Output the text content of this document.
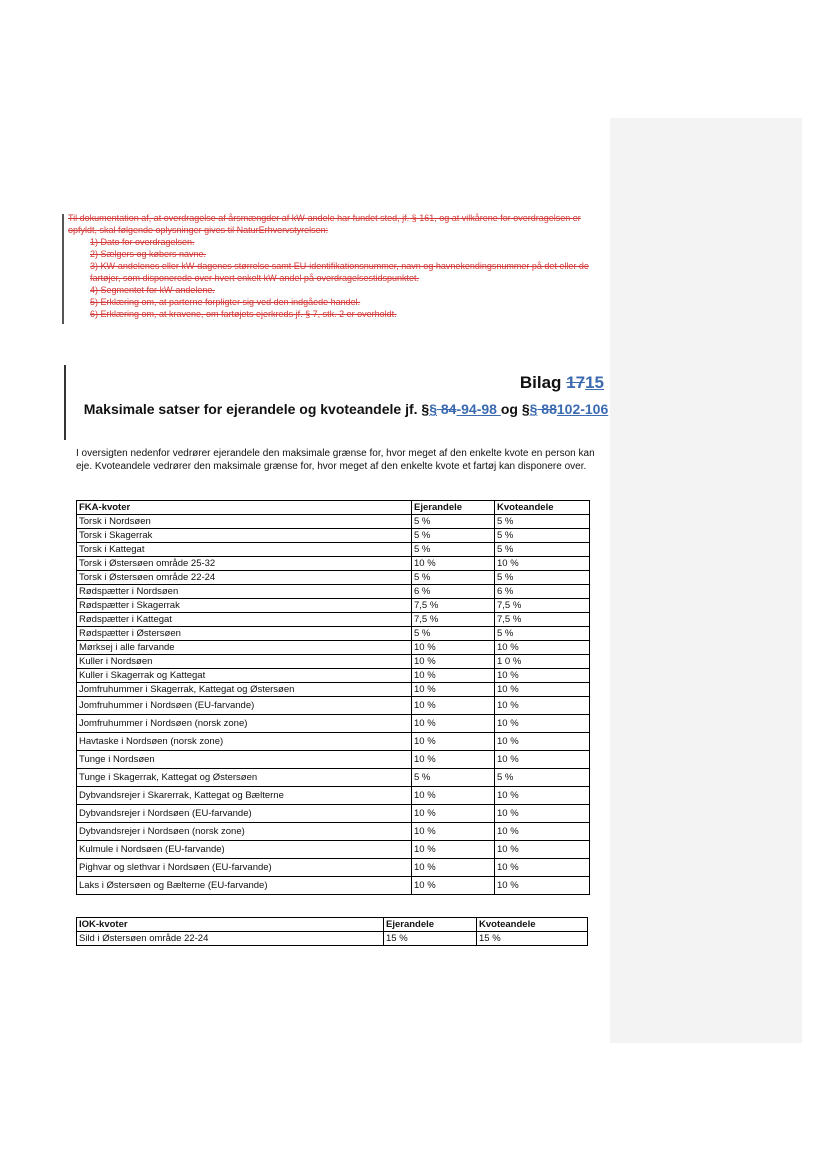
Til dokumentation af, at overdragelse af årsmængder af kW-andele har fundet sted, jf. § 161, og at vilkårene for overdragelsen er opfyldt, skal følgende oplysninger gives til NaturErhvervstyrelsen:

1) Dato for overdragelsen.

2) Sælgers og købers navne.

3) KW-andelenes eller kW-dagenes størrelse samt EU-identifikationsnummer, navn og havnekendingsnummer på det eller de fartøjer, som disponerede over hvert enkelt kW-andel på overdragelsestidspunktet.

4) Segmentet for kW-andelene.

5) Erklæring om, at parterne forpligter sig ved den indgåede handel.

6) Erklæring om, at kravene, om fartøjets ejerkreds jf. § 7, stk. 2 er overholdt.

Bilag 1715
Maksimale satser for ejerandele og kvoteandele jf. §§ 84-94-98 og §§ 88102-106
I oversigten nedenfor vedrører ejerandele den maksimale grænse for, hvor meget af den enkelte kvote en person kan eje. Kvoteandele vedrører den maksimale grænse for, hvor meget af den enkelte kvote et fartøj kan disponere over.
FKA-kvoter	Ejerandele	Kvoteandele
Torsk i Nordsøen	5 %	5 %
Torsk i Skagerrak	5 %	5 %
Torsk i Kattegat	5 %	5 %
Torsk i Østersøen område 25-32	10 %	10 %
Torsk i Østersøen område 22-24	5 %	5 %
Rødspætter i Nordsøen	6 %	6 %
Rødspætter i Skagerrak	7,5 %	7,5 %
Rødspætter i Kattegat	7,5 %	7,5 %
Rødspætter i Østersøen	5 %	5 %
Mørksej i alle farvande	10 %	10 %
Kuller i Nordsøen	10 %	1 0 %
Kuller i Skagerrak og Kattegat	10 %	10 %
Jomfruhummer i Skagerrak, Kattegat og Østersøen	10 %	10 %
Jomfruhummer i Nordsøen (EU-farvande)	10 %	10 %
Jomfruhummer i Nordsøen (norsk zone)	10 %	10 %
Havtaske i Nordsøen (norsk zone)	10 %	10 %
Tunge i Nordsøen	10 %	10 %
Tunge i Skagerrak, Kattegat og Østersøen	5 %	5 %
Dybvandsrejer i Skarerrak, Kattegat og Bælterne	10 %	10 %
Dybvandsrejer i Nordsøen (EU-farvande)	10 %	10 %
Dybvandsrejer i Nordsøen (norsk zone)	10 %	10 %
Kulmule i Nordsøen (EU-farvande)	10 %	10 %
Pighvar og slethvar i Nordsøen (EU-farvande)	10 %	10 %
Laks i Østersøen og Bælterne (EU-farvande)	10 %	10 %
IOK-kvoter	Ejerandele	Kvoteandele
Sild i Østersøen område 22-24	15 %	15 %
